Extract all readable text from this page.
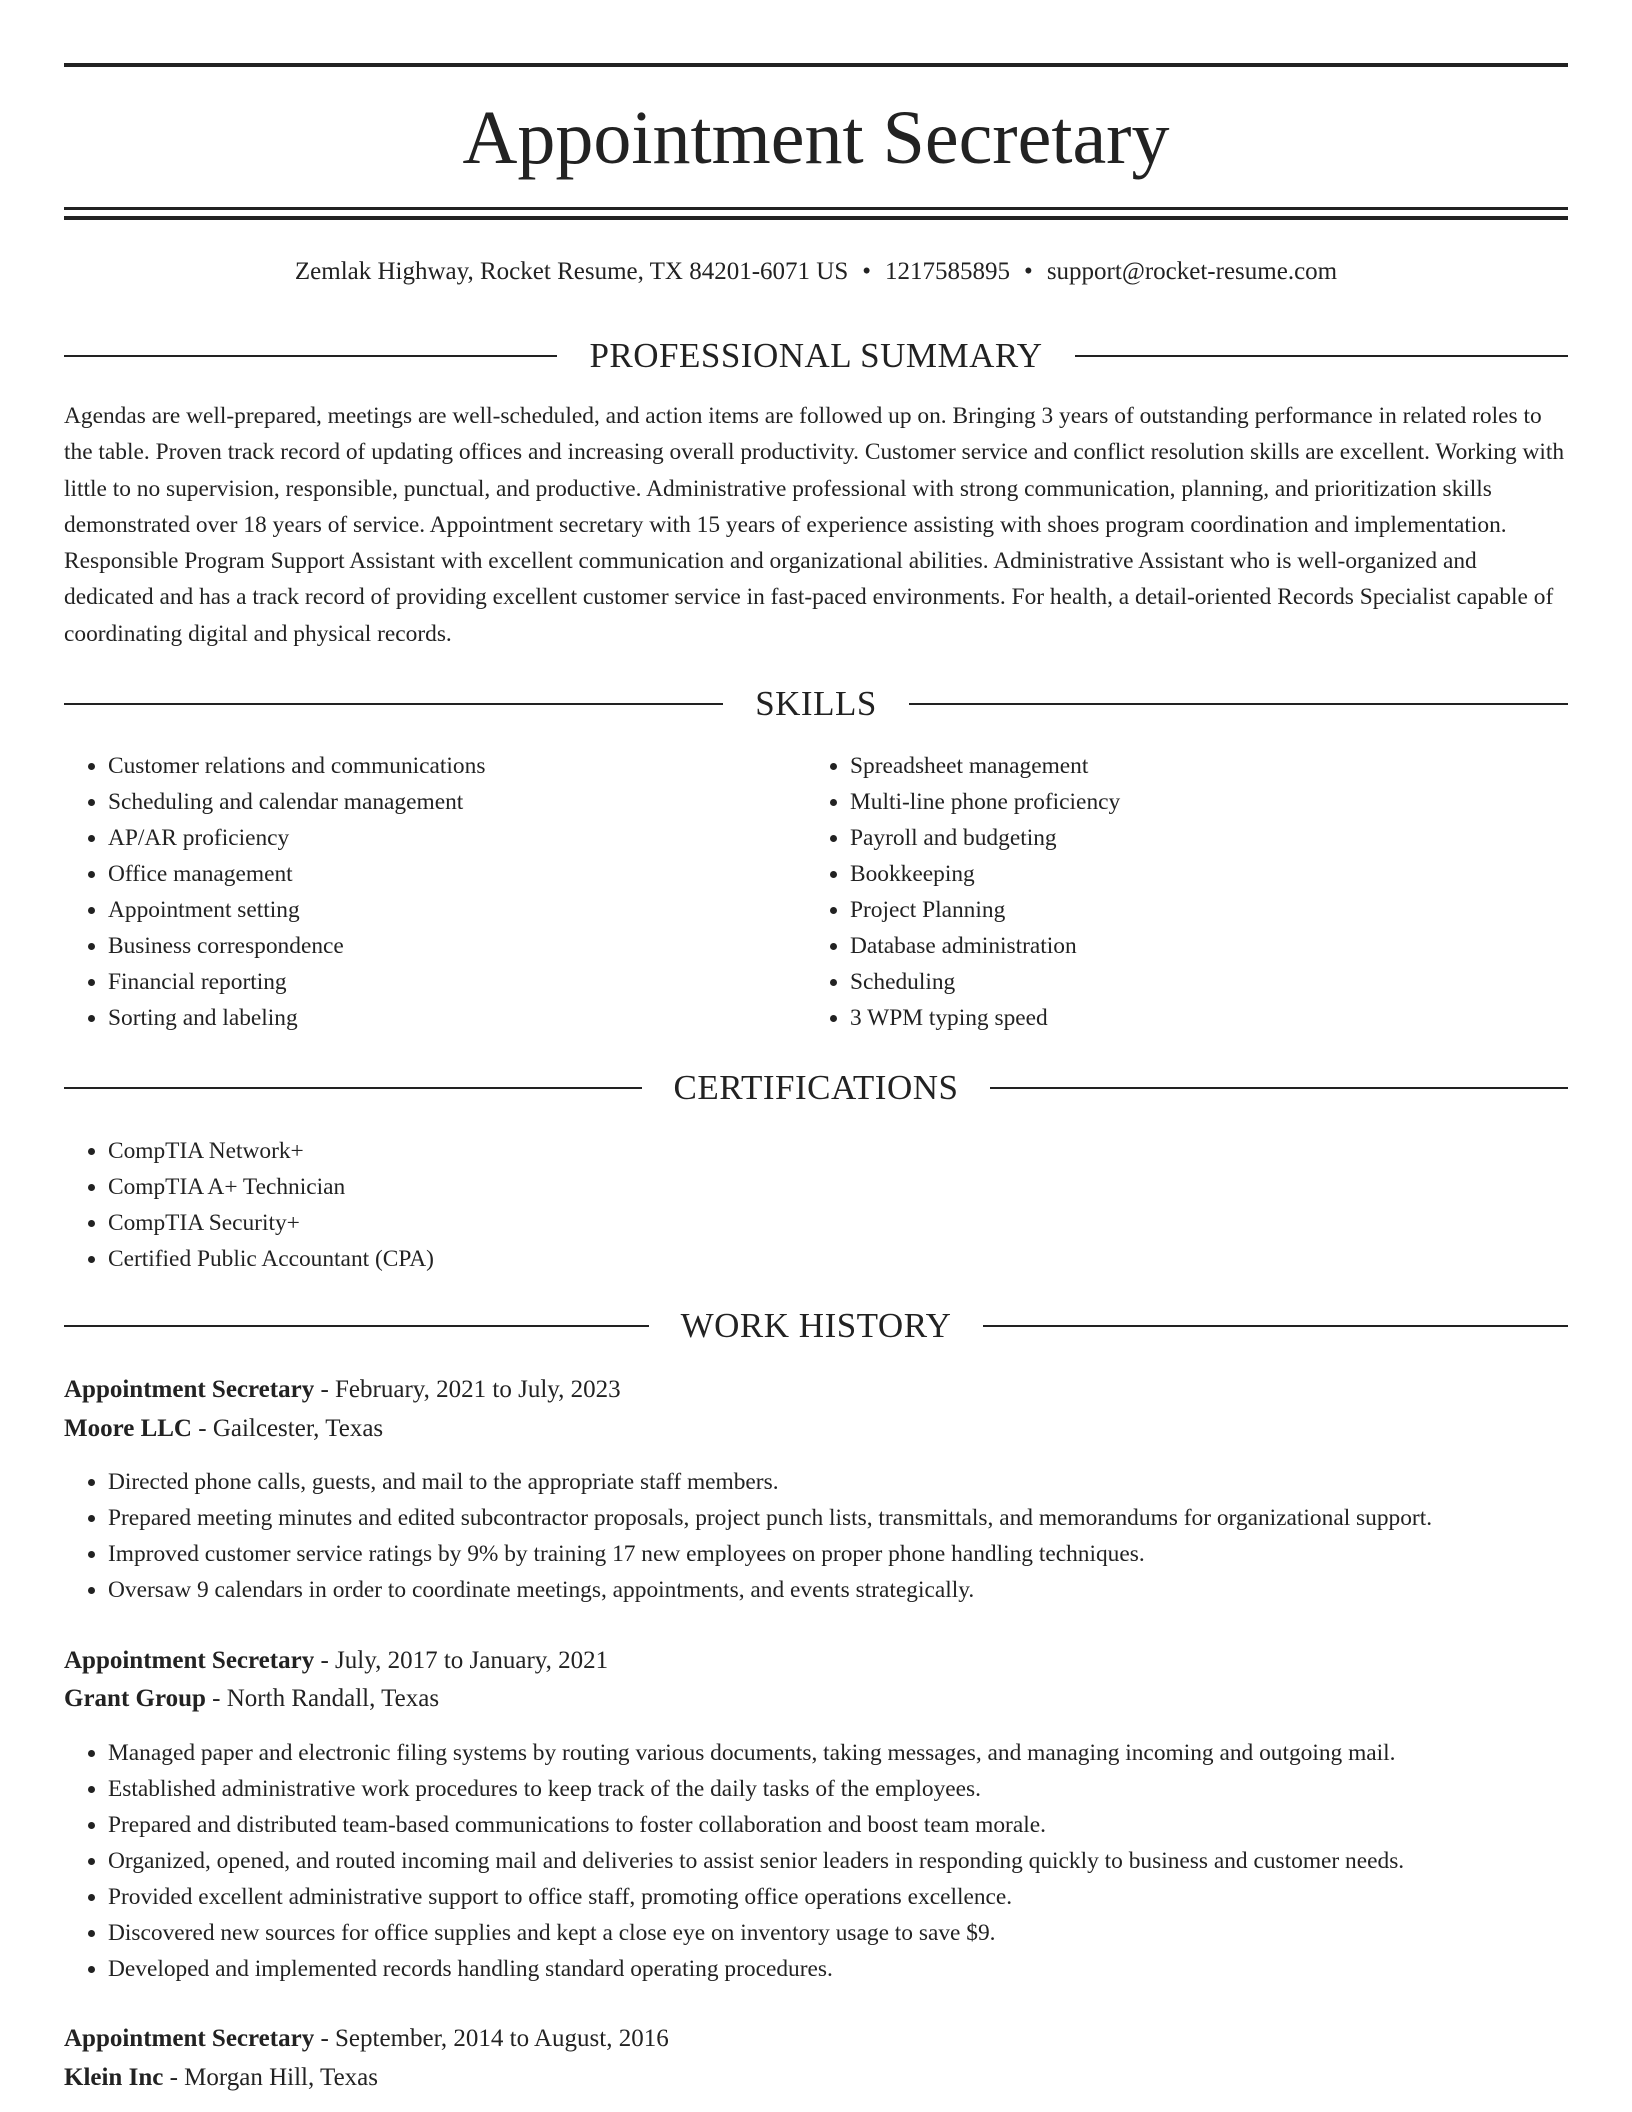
Appointment Secretary
Zemlak Highway, Rocket Resume, TX 84201-6071 US • 1217585895 • support@rocket-resume.com
PROFESSIONAL SUMMARY

Agendas are well-prepared, meetings are well-scheduled, and action items are followed up on. Bringing 3 years of outstanding performance in related roles to the table. Proven track record of updating offices and increasing overall productivity. Customer service and conflict resolution skills are excellent. Working with little to no supervision, responsible, punctual, and productive. Administrative professional with strong communication, planning, and prioritization skills demonstrated over 18 years of service. Appointment secretary with 15 years of experience assisting with shoes program coordination and implementation. Responsible Program Support Assistant with excellent communication and organizational abilities. Administrative Assistant who is well-organized and dedicated and has a track record of providing excellent customer service in fast-paced environments. For health, a detail-oriented Records Specialist capable of coordinating digital and physical records.

SKILLS
• Customer relations and communications
• Scheduling and calendar management
• AP/AR proficiency
• Office management
• Appointment setting
• Business correspondence
• Financial reporting
• Sorting and labeling
• Spreadsheet management
• Multi-line phone proficiency
• Payroll and budgeting
• Bookkeeping
• Project Planning
• Database administration
• Scheduling
• 3 WPM typing speed
CERTIFICATIONS
• CompTIA Network+
• CompTIA A+ Technician
• CompTIA Security+
• Certified Public Accountant (CPA)
WORK HISTORY
Appointment Secretary - February, 2021 to July, 2023
Moore LLC - Gailcester, Texas
• Directed phone calls, guests, and mail to the appropriate staff members.
• Prepared meeting minutes and edited subcontractor proposals, project punch lists, transmittals, and memorandums for organizational support.
• Improved customer service ratings by 9% by training 17 new employees on proper phone handling techniques.
• Oversaw 9 calendars in order to coordinate meetings, appointments, and events strategically.
Appointment Secretary - July, 2017 to January, 2021
Grant Group - North Randall, Texas
• Managed paper and electronic filing systems by routing various documents, taking messages, and managing incoming and outgoing mail.
• Established administrative work procedures to keep track of the daily tasks of the employees.
• Prepared and distributed team-based communications to foster collaboration and boost team morale.
• Organized, opened, and routed incoming mail and deliveries to assist senior leaders in responding quickly to business and customer needs.
• Provided excellent administrative support to office staff, promoting office operations excellence.
• Discovered new sources for office supplies and kept a close eye on inventory usage to save $9.
• Developed and implemented records handling standard operating procedures.
Appointment Secretary - September, 2014 to August, 2016
Klein Inc - Morgan Hill, Texas
